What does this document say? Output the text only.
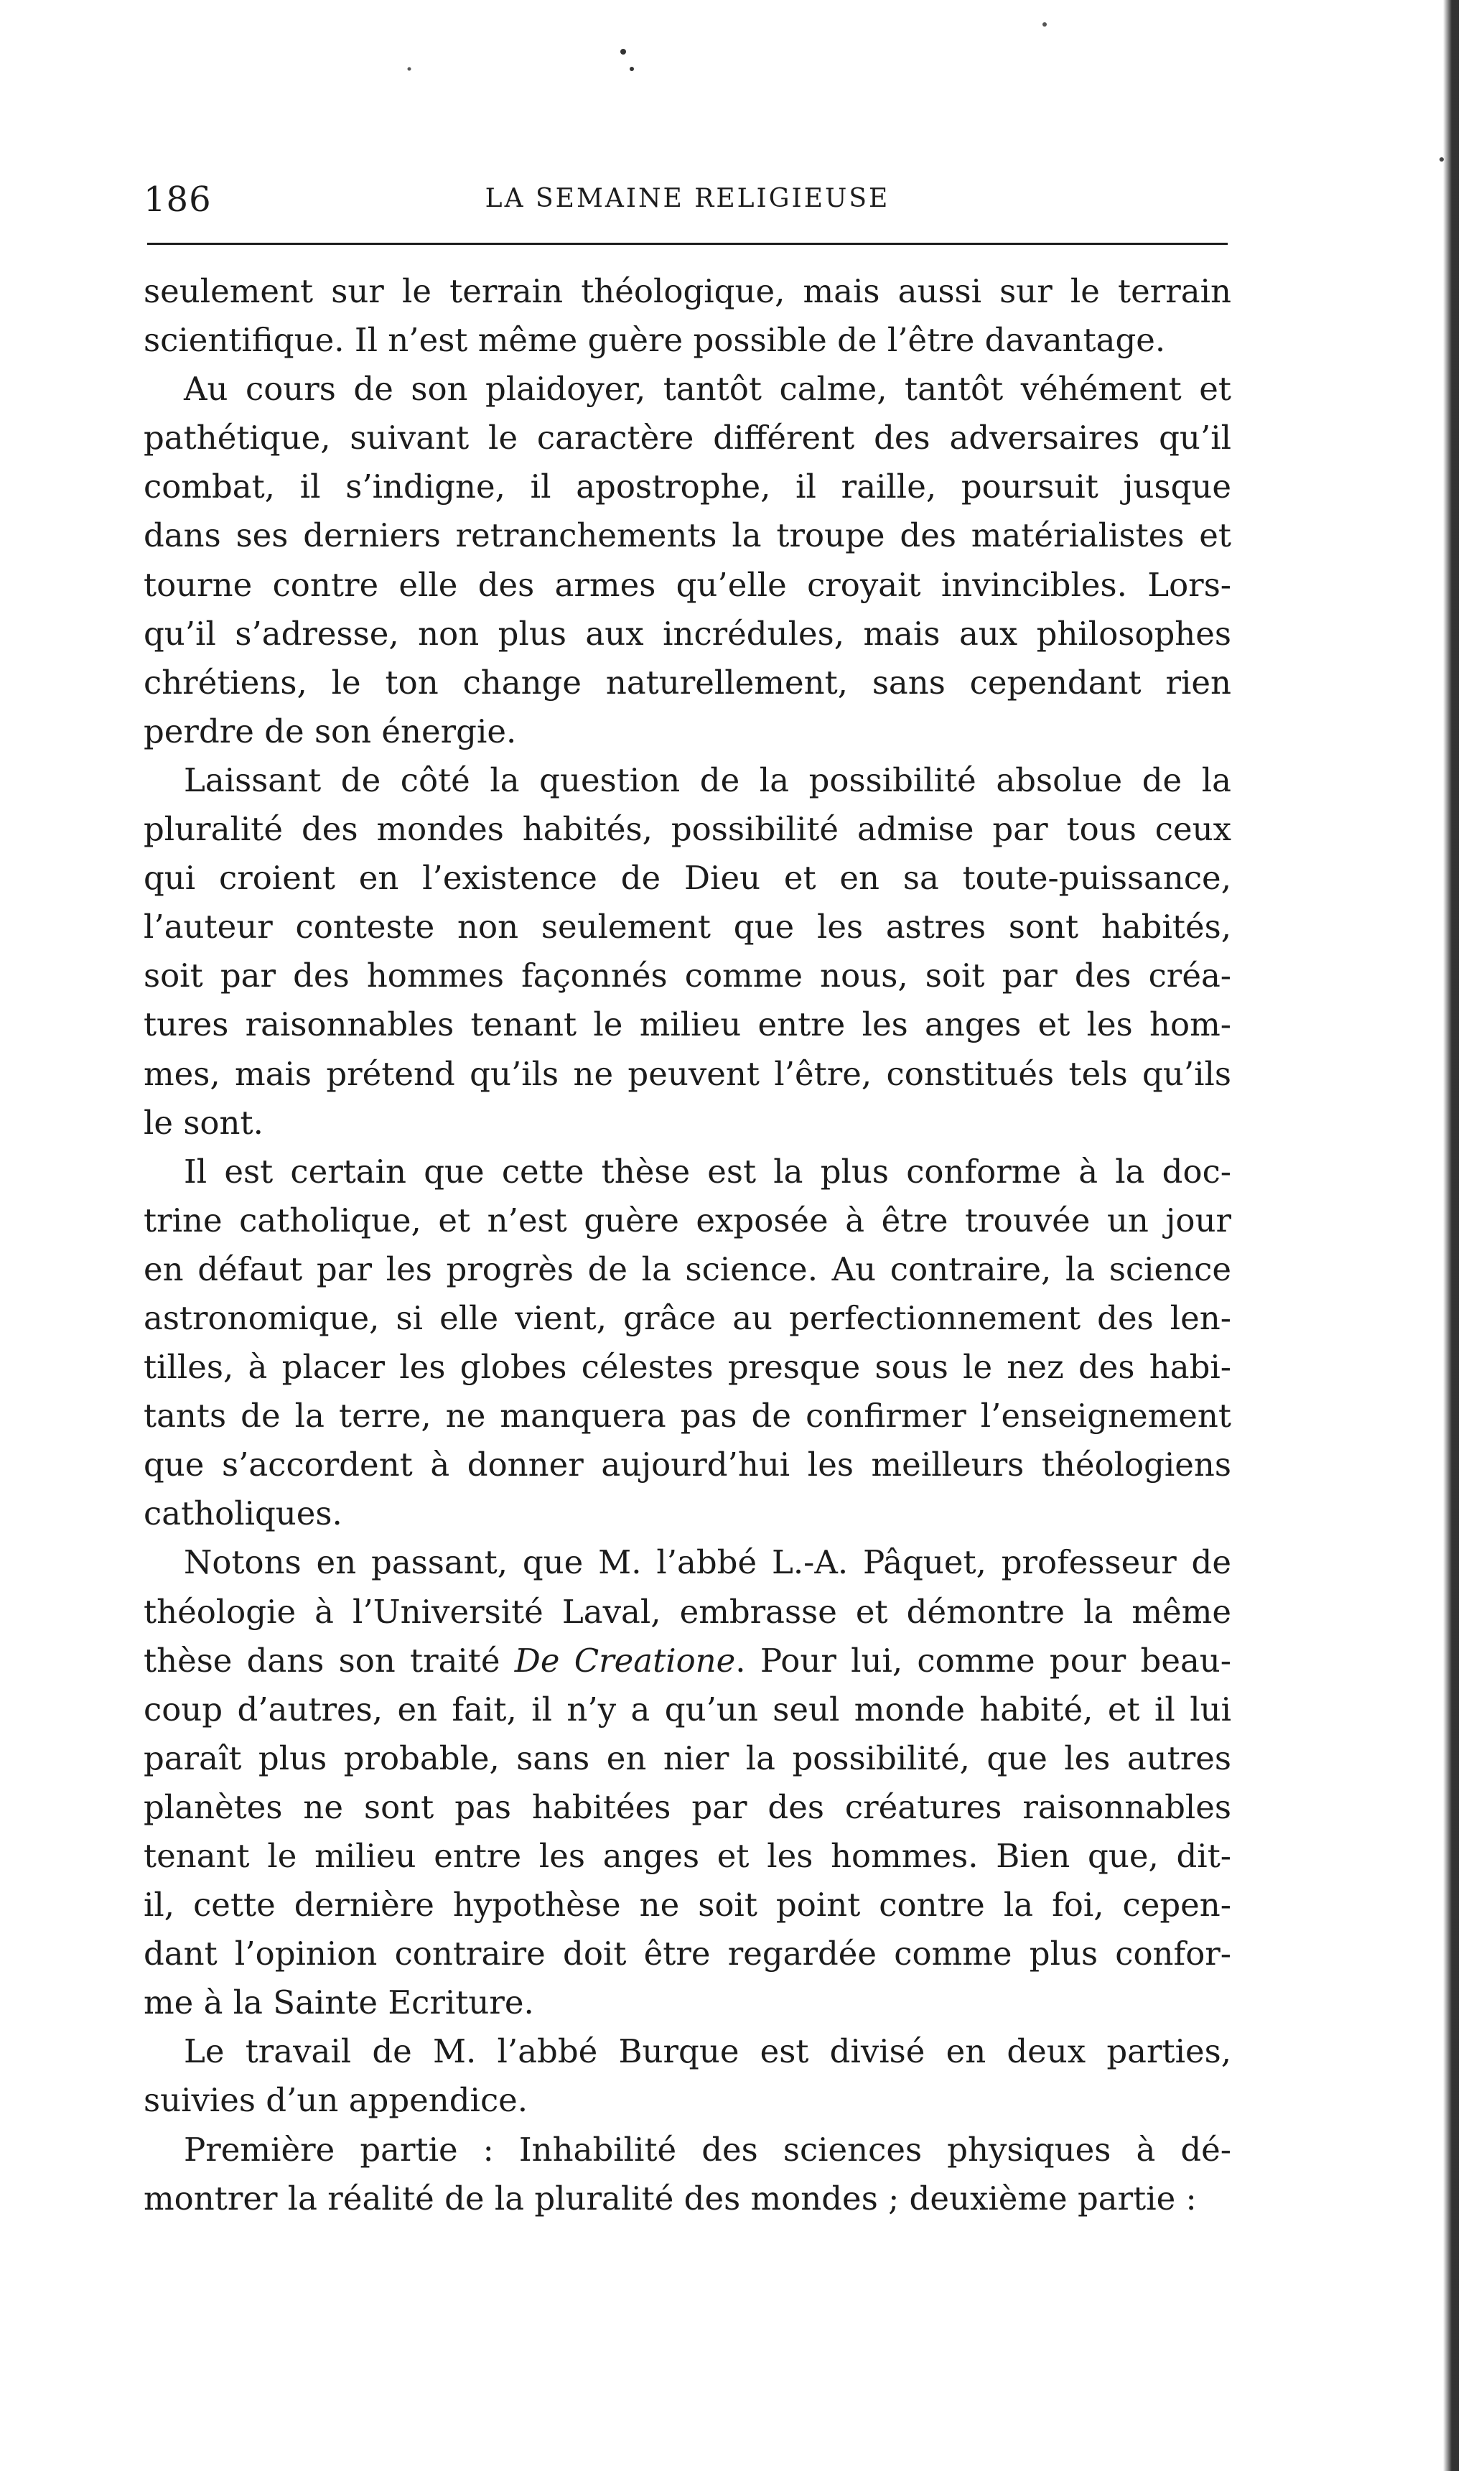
186	LA SEMAINE RELIGIEUSE
seulement sur le terrain théologique, mais aussi sur le terrain
scientifique. Il n’est même guère possible de l’être davantage.
Au cours de son plaidoyer, tantôt calme, tantôt véhément et
pathétique, suivant le caractère différent des adversaires qu’il
combat, il s’indigne, il apostrophe, il raille, poursuit jusque
dans ses derniers retranchements la troupe des matérialistes et
tourne contre elle des armes qu’elle croyait invincibles. Lors-
qu’il s’adresse, non plus aux incrédules, mais aux philosophes
chrétiens, le ton change naturellement, sans cependant rien
perdre de son énergie.
Laissant de côté la question de la possibilité absolue de la
pluralité des mondes habités, possibilité admise par tous ceux
qui croient en l’existence de Dieu et en sa toute-puissance,
l’auteur conteste non seulement que les astres sont habités,
soit par des hommes façonnés comme nous, soit par des créa-
tures raisonnables tenant le milieu entre les anges et les hom-
mes, mais prétend qu’ils ne peuvent l’être, constitués tels qu’ils
le sont.
Il est certain que cette thèse est la plus conforme à la doc-
trine catholique, et n’est guère exposée à être trouvée un jour
en défaut par les progrès de la science. Au contraire, la science
astronomique, si elle vient, grâce au perfectionnement des len-
tilles, à placer les globes célestes presque sous le nez des habi-
tants de la terre, ne manquera pas de confirmer l’enseignement
que s’accordent à donner aujourd’hui les meilleurs théologiens
catholiques.
Notons en passant, que M. l’abbé L.-A. Pâquet, professeur de
théologie à l’Université Laval, embrasse et démontre la même
thèse dans son traité De Creatione. Pour lui, comme pour beau-
coup d’autres, en fait, il n’y a qu’un seul monde habité, et il lui
paraît plus probable, sans en nier la possibilité, que les autres
planètes ne sont pas habitées par des créatures raisonnables
tenant le milieu entre les anges et les hommes. Bien que, dit-
il, cette dernière hypothèse ne soit point contre la foi, cepen-
dant l’opinion contraire doit être regardée comme plus confor-
me à la Sainte Ecriture.
Le travail de M. l’abbé Burque est divisé en deux parties,
suivies d’un appendice.
Première partie : Inhabilité des sciences physiques à dé-
montrer la réalité de la pluralité des mondes ; deuxième partie :
